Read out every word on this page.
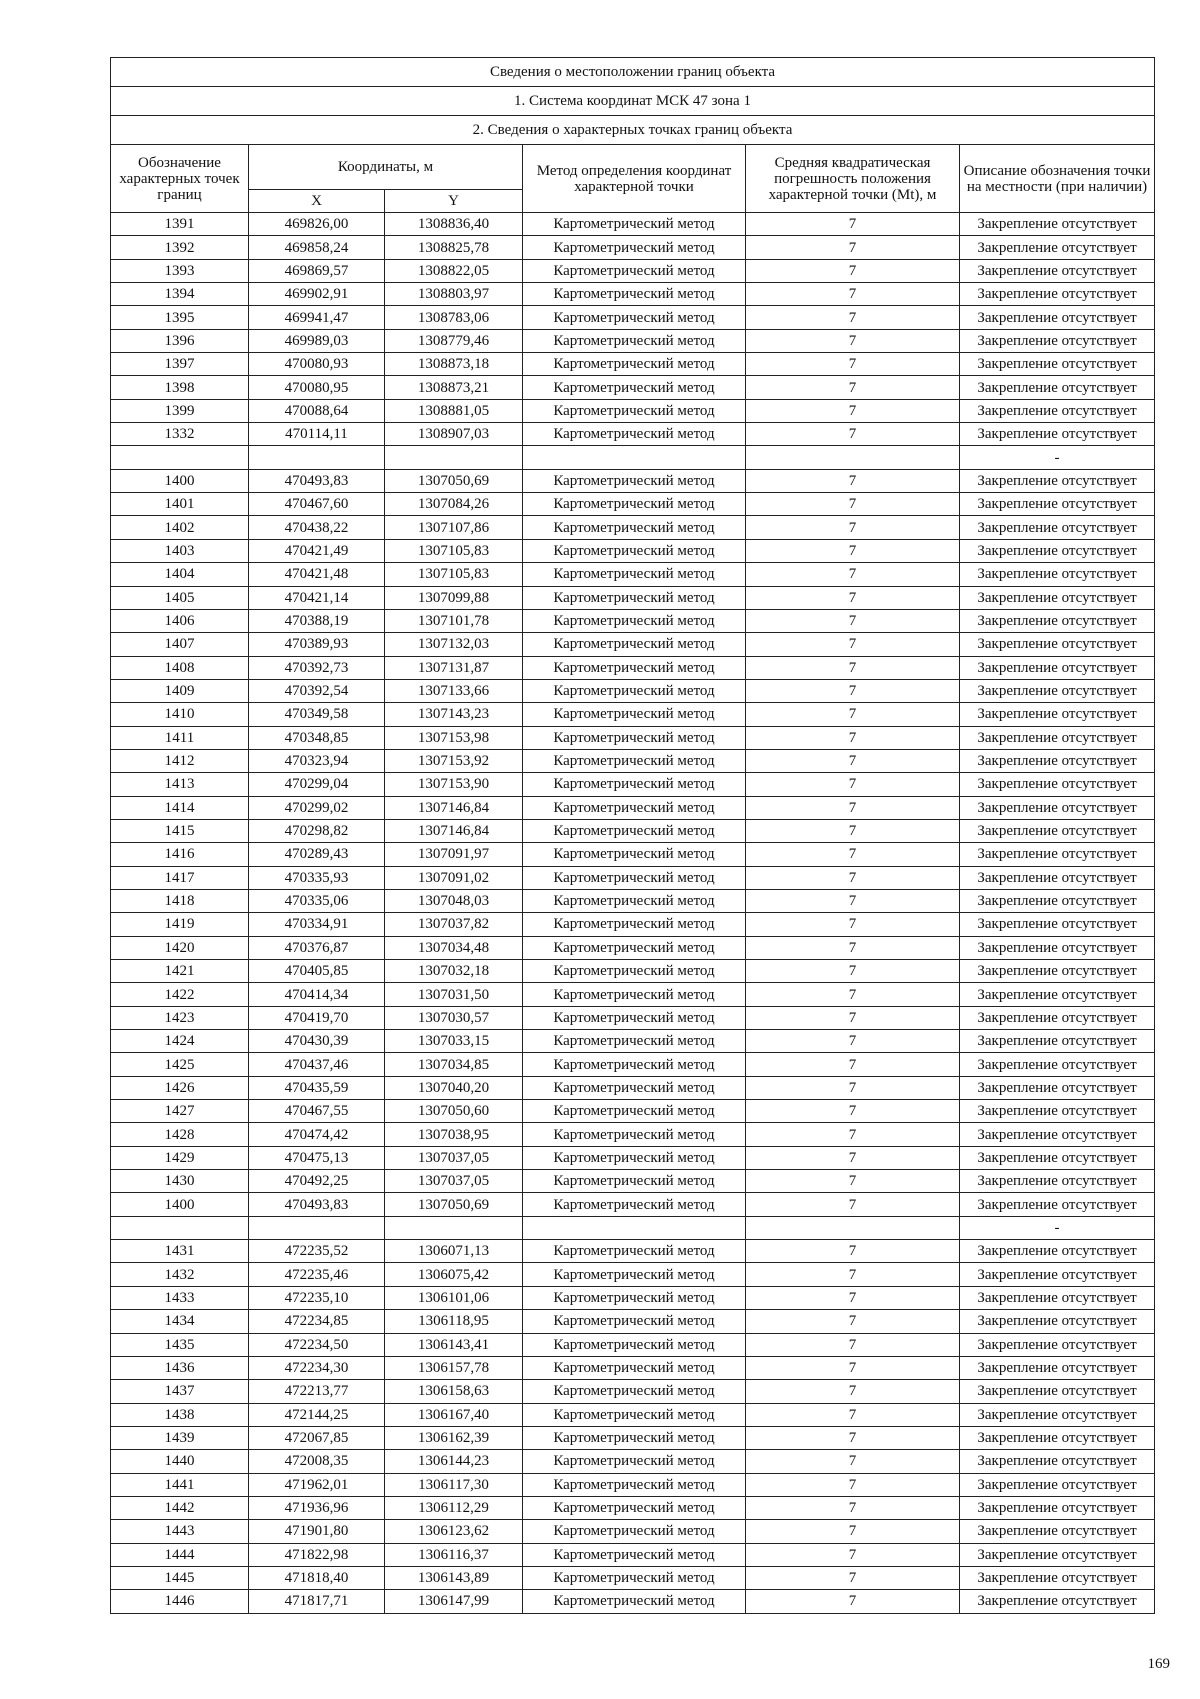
Сведения о местоположении границ объекта					
1. Система координат МСК 47 зона 1					
2. Сведения о характерных точках границ объекта					
Обозначение характерных точек границ	Координаты, м		Метод определения координат характерной точки	Средняя квадратическая погрешность положения характерной точки (Mt), м	Описание обозначения точки на местности (при наличии)
	X	Y			
1391	469826,00	1308836,40	Картометрический метод	7	Закрепление отсутствует
1392	469858,24	1308825,78	Картометрический метод	7	Закрепление отсутствует
1393	469869,57	1308822,05	Картометрический метод	7	Закрепление отсутствует
1394	469902,91	1308803,97	Картометрический метод	7	Закрепление отсутствует
1395	469941,47	1308783,06	Картометрический метод	7	Закрепление отсутствует
1396	469989,03	1308779,46	Картометрический метод	7	Закрепление отсутствует
1397	470080,93	1308873,18	Картометрический метод	7	Закрепление отсутствует
1398	470080,95	1308873,21	Картометрический метод	7	Закрепление отсутствует
1399	470088,64	1308881,05	Картометрический метод	7	Закрепление отсутствует
1332	470114,11	1308907,03	Картометрический метод	7	Закрепление отсутствует
					-
1400	470493,83	1307050,69	Картометрический метод	7	Закрепление отсутствует
1401	470467,60	1307084,26	Картометрический метод	7	Закрепление отсутствует
1402	470438,22	1307107,86	Картометрический метод	7	Закрепление отсутствует
1403	470421,49	1307105,83	Картометрический метод	7	Закрепление отсутствует
1404	470421,48	1307105,83	Картометрический метод	7	Закрепление отсутствует
1405	470421,14	1307099,88	Картометрический метод	7	Закрепление отсутствует
1406	470388,19	1307101,78	Картометрический метод	7	Закрепление отсутствует
1407	470389,93	1307132,03	Картометрический метод	7	Закрепление отсутствует
1408	470392,73	1307131,87	Картометрический метод	7	Закрепление отсутствует
1409	470392,54	1307133,66	Картометрический метод	7	Закрепление отсутствует
1410	470349,58	1307143,23	Картометрический метод	7	Закрепление отсутствует
1411	470348,85	1307153,98	Картометрический метод	7	Закрепление отсутствует
1412	470323,94	1307153,92	Картометрический метод	7	Закрепление отсутствует
1413	470299,04	1307153,90	Картометрический метод	7	Закрепление отсутствует
1414	470299,02	1307146,84	Картометрический метод	7	Закрепление отсутствует
1415	470298,82	1307146,84	Картометрический метод	7	Закрепление отсутствует
1416	470289,43	1307091,97	Картометрический метод	7	Закрепление отсутствует
1417	470335,93	1307091,02	Картометрический метод	7	Закрепление отсутствует
1418	470335,06	1307048,03	Картометрический метод	7	Закрепление отсутствует
1419	470334,91	1307037,82	Картометрический метод	7	Закрепление отсутствует
1420	470376,87	1307034,48	Картометрический метод	7	Закрепление отсутствует
1421	470405,85	1307032,18	Картометрический метод	7	Закрепление отсутствует
1422	470414,34	1307031,50	Картометрический метод	7	Закрепление отсутствует
1423	470419,70	1307030,57	Картометрический метод	7	Закрепление отсутствует
1424	470430,39	1307033,15	Картометрический метод	7	Закрепление отсутствует
1425	470437,46	1307034,85	Картометрический метод	7	Закрепление отсутствует
1426	470435,59	1307040,20	Картометрический метод	7	Закрепление отсутствует
1427	470467,55	1307050,60	Картометрический метод	7	Закрепление отсутствует
1428	470474,42	1307038,95	Картометрический метод	7	Закрепление отсутствует
1429	470475,13	1307037,05	Картометрический метод	7	Закрепление отсутствует
1430	470492,25	1307037,05	Картометрический метод	7	Закрепление отсутствует
1400	470493,83	1307050,69	Картометрический метод	7	Закрепление отсутствует
					-
1431	472235,52	1306071,13	Картометрический метод	7	Закрепление отсутствует
1432	472235,46	1306075,42	Картометрический метод	7	Закрепление отсутствует
1433	472235,10	1306101,06	Картометрический метод	7	Закрепление отсутствует
1434	472234,85	1306118,95	Картометрический метод	7	Закрепление отсутствует
1435	472234,50	1306143,41	Картометрический метод	7	Закрепление отсутствует
1436	472234,30	1306157,78	Картометрический метод	7	Закрепление отсутствует
1437	472213,77	1306158,63	Картометрический метод	7	Закрепление отсутствует
1438	472144,25	1306167,40	Картометрический метод	7	Закрепление отсутствует
1439	472067,85	1306162,39	Картометрический метод	7	Закрепление отсутствует
1440	472008,35	1306144,23	Картометрический метод	7	Закрепление отсутствует
1441	471962,01	1306117,30	Картометрический метод	7	Закрепление отсутствует
1442	471936,96	1306112,29	Картометрический метод	7	Закрепление отсутствует
1443	471901,80	1306123,62	Картометрический метод	7	Закрепление отсутствует
1444	471822,98	1306116,37	Картометрический метод	7	Закрепление отсутствует
1445	471818,40	1306143,89	Картометрический метод	7	Закрепление отсутствует
1446	471817,71	1306147,99	Картометрический метод	7	Закрепление отсутствует
169
